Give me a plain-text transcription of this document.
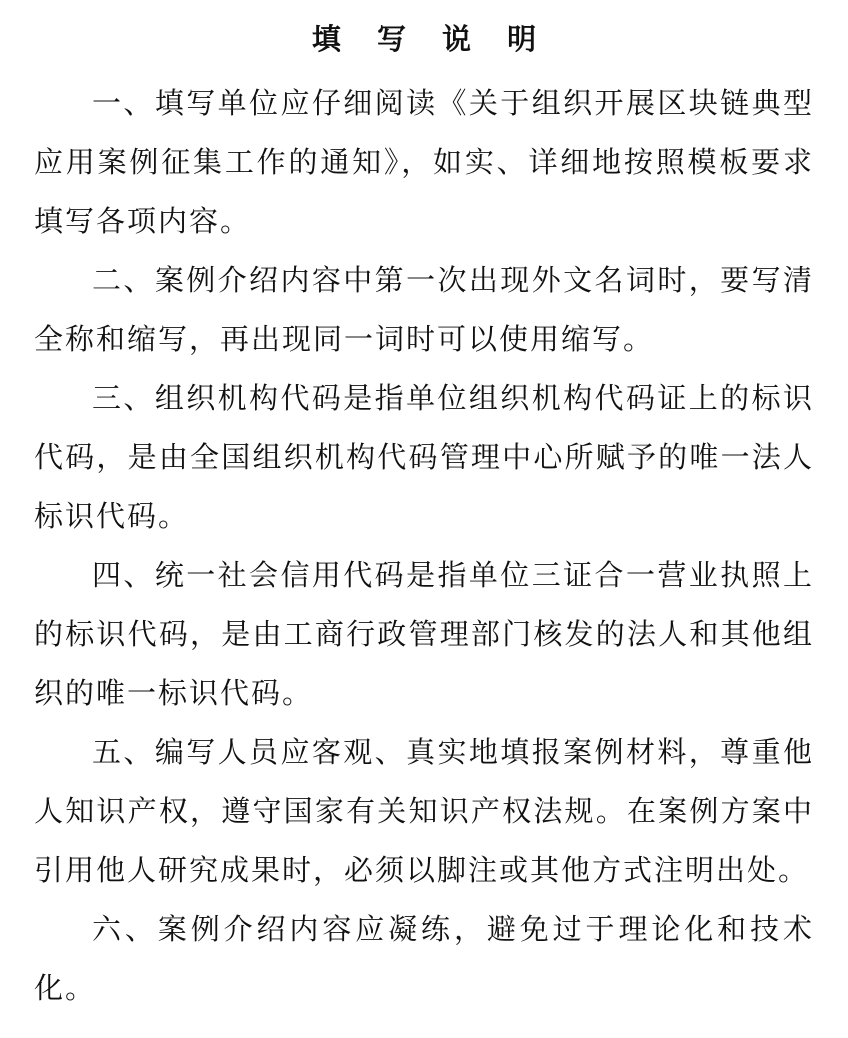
填 写 说 明

一、填写单位应仔细阅读《关于组织开展区块链典型应用案例征集工作的通知》，如实、详细地按照模板要求填写各项内容。

二、案例介绍内容中第一次出现外文名词时，要写清全称和缩写，再出现同一词时可以使用缩写。

三、组织机构代码是指单位组织机构代码证上的标识代码，是由全国组织机构代码管理中心所赋予的唯一法人标识代码。

四、统一社会信用代码是指单位三证合一营业执照上的标识代码，是由工商行政管理部门核发的法人和其他组织的唯一标识代码。

五、编写人员应客观、真实地填报案例材料，尊重他人知识产权，遵守国家有关知识产权法规。在案例方案中引用他人研究成果时，必须以脚注或其他方式注明出处。

六、案例介绍内容应凝练，避免过于理论化和技术化。
